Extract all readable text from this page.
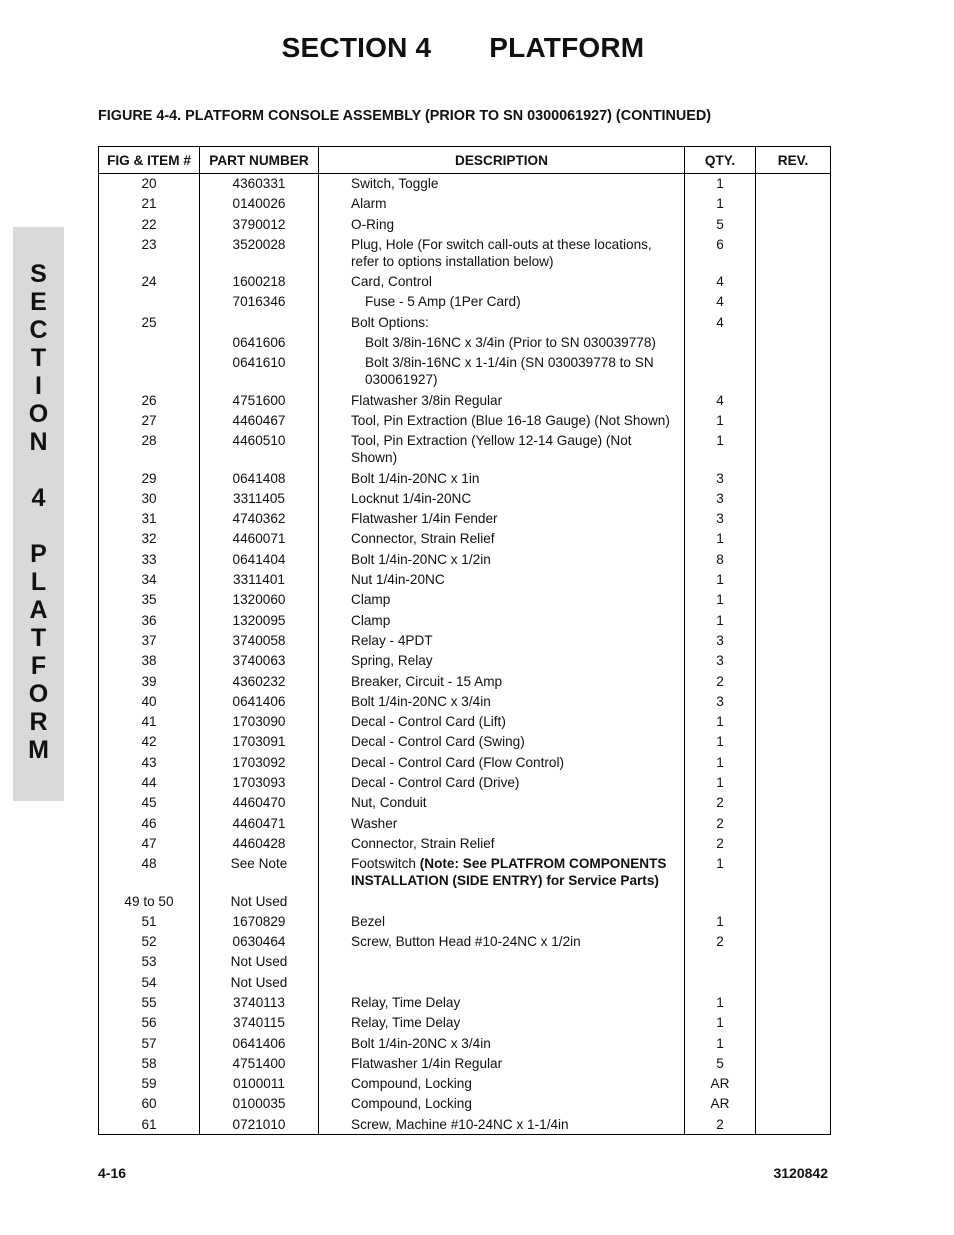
SECTION 4 PLATFORM
FIGURE 4-4. PLATFORM CONSOLE ASSEMBLY (PRIOR TO SN 0300061927) (CONTINUED)
S
E
C
T
I
O
N
4
P
L
A
T
F
O
R
M
FIG & ITEM #	PART NUMBER	DESCRIPTION	QTY.	REV.
20	4360331	Switch, Toggle	1	
21	0140026	Alarm	1	
22	3790012	O-Ring	5	
23	3520028	Plug, Hole (For switch call-outs at these locations, refer to options installation below)	6	
24	1600218	Card, Control	4	
	7016346	Fuse - 5 Amp (1Per Card)	4	
25		Bolt Options:	4	
	0641606	Bolt 3/8in-16NC x 3/4in (Prior to SN 030039778)		
	0641610	Bolt 3/8in-16NC x 1-1/4in (SN 030039778 to SN 030061927)		
26	4751600	Flatwasher 3/8in Regular	4	
27	4460467	Tool, Pin Extraction (Blue 16-18 Gauge) (Not Shown)	1	
28	4460510	Tool, Pin Extraction (Yellow 12-14 Gauge) (Not Shown)	1	
29	0641408	Bolt 1/4in-20NC x 1in	3	
30	3311405	Locknut 1/4in-20NC	3	
31	4740362	Flatwasher 1/4in Fender	3	
32	4460071	Connector, Strain Relief	1	
33	0641404	Bolt 1/4in-20NC x 1/2in	8	
34	3311401	Nut 1/4in-20NC	1	
35	1320060	Clamp	1	
36	1320095	Clamp	1	
37	3740058	Relay - 4PDT	3	
38	3740063	Spring, Relay	3	
39	4360232	Breaker, Circuit - 15 Amp	2	
40	0641406	Bolt 1/4in-20NC x 3/4in	3	
41	1703090	Decal - Control Card (Lift)	1	
42	1703091	Decal - Control Card (Swing)	1	
43	1703092	Decal - Control Card (Flow Control)	1	
44	1703093	Decal - Control Card (Drive)	1	
45	4460470	Nut, Conduit	2	
46	4460471	Washer	2	
47	4460428	Connector, Strain Relief	2	
48	See Note	Footswitch (Note: See PLATFROM COMPONENTS INSTALLATION (SIDE ENTRY) for Service Parts)	1	
49 to 50	Not Used			
51	1670829	Bezel	1	
52	0630464	Screw, Button Head #10-24NC x 1/2in	2	
53	Not Used			
54	Not Used			
55	3740113	Relay, Time Delay	1	
56	3740115	Relay, Time Delay	1	
57	0641406	Bolt 1/4in-20NC x 3/4in	1	
58	4751400	Flatwasher 1/4in Regular	5	
59	0100011	Compound, Locking	AR	
60	0100035	Compound, Locking	AR	
61	0721010	Screw, Machine #10-24NC x 1-1/4in	2	
4-16	3120842
